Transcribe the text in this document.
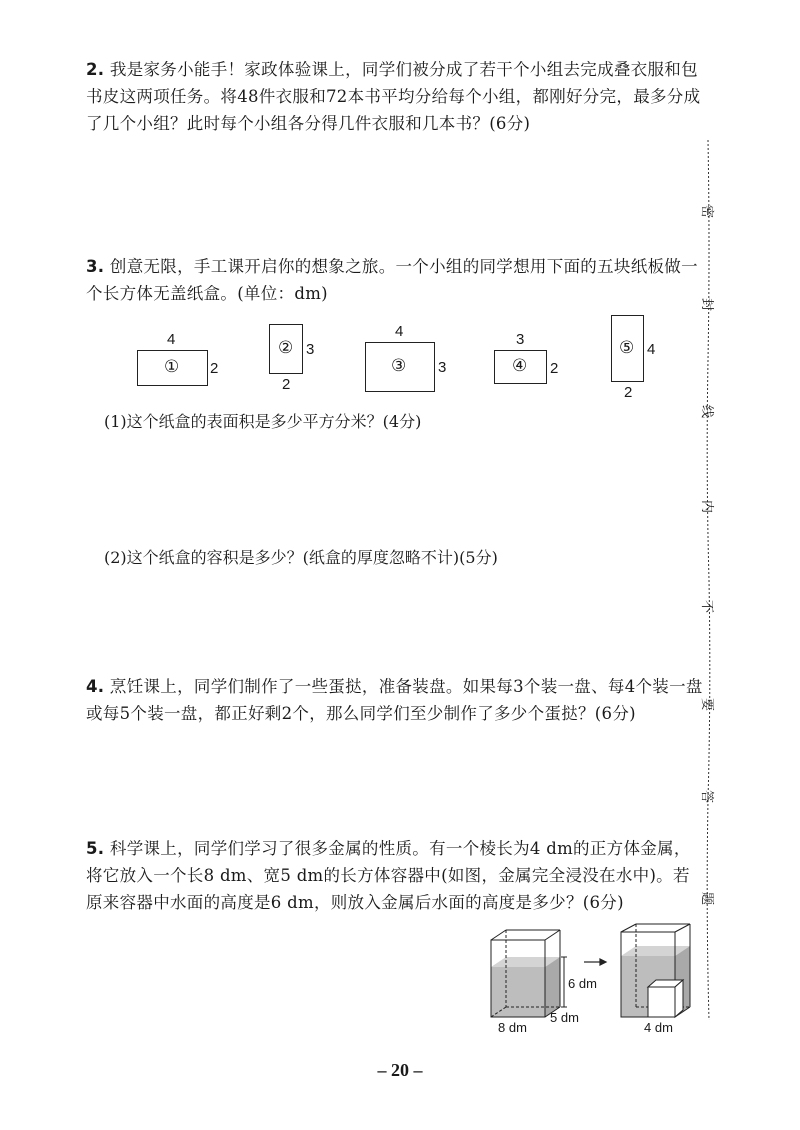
2. 我是家务小能手！家政体验课上，同学们被分成了若干个小组去完成叠衣服和包书皮这两项任务。将48件衣服和72本书平均分给每个小组，都刚好分完，最多分成了几个小组？此时每个小组各分得几件衣服和几本书？(6分)
3. 创意无限，手工课开启你的想象之旅。一个小组的同学想用下面的五块纸板做一个长方体无盖纸盒。(单位：dm)
4
① 2
② 3
2
4
③ 3
3
④ 2
⑤ 4
2
(1)这个纸盒的表面积是多少平方分米？(4分)
(2)这个纸盒的容积是多少？(纸盒的厚度忽略不计)(5分)
4. 烹饪课上，同学们制作了一些蛋挞，准备装盘。如果每3个装一盘、每4个装一盘或每5个装一盘，都正好剩2个，那么同学们至少制作了多少个蛋挞？(6分)
5. 科学课上，同学们学习了很多金属的性质。有一个棱长为4 dm的正方体金属，将它放入一个长8 dm、宽5 dm的长方体容器中(如图，金属完全浸没在水中)。若原来容器中水面的高度是6 dm，则放入金属后水面的高度是多少？(6分)
6 dm
8 dm
5 dm
4 dm
密
封
线
内
不
要
答
题
– 20 –
